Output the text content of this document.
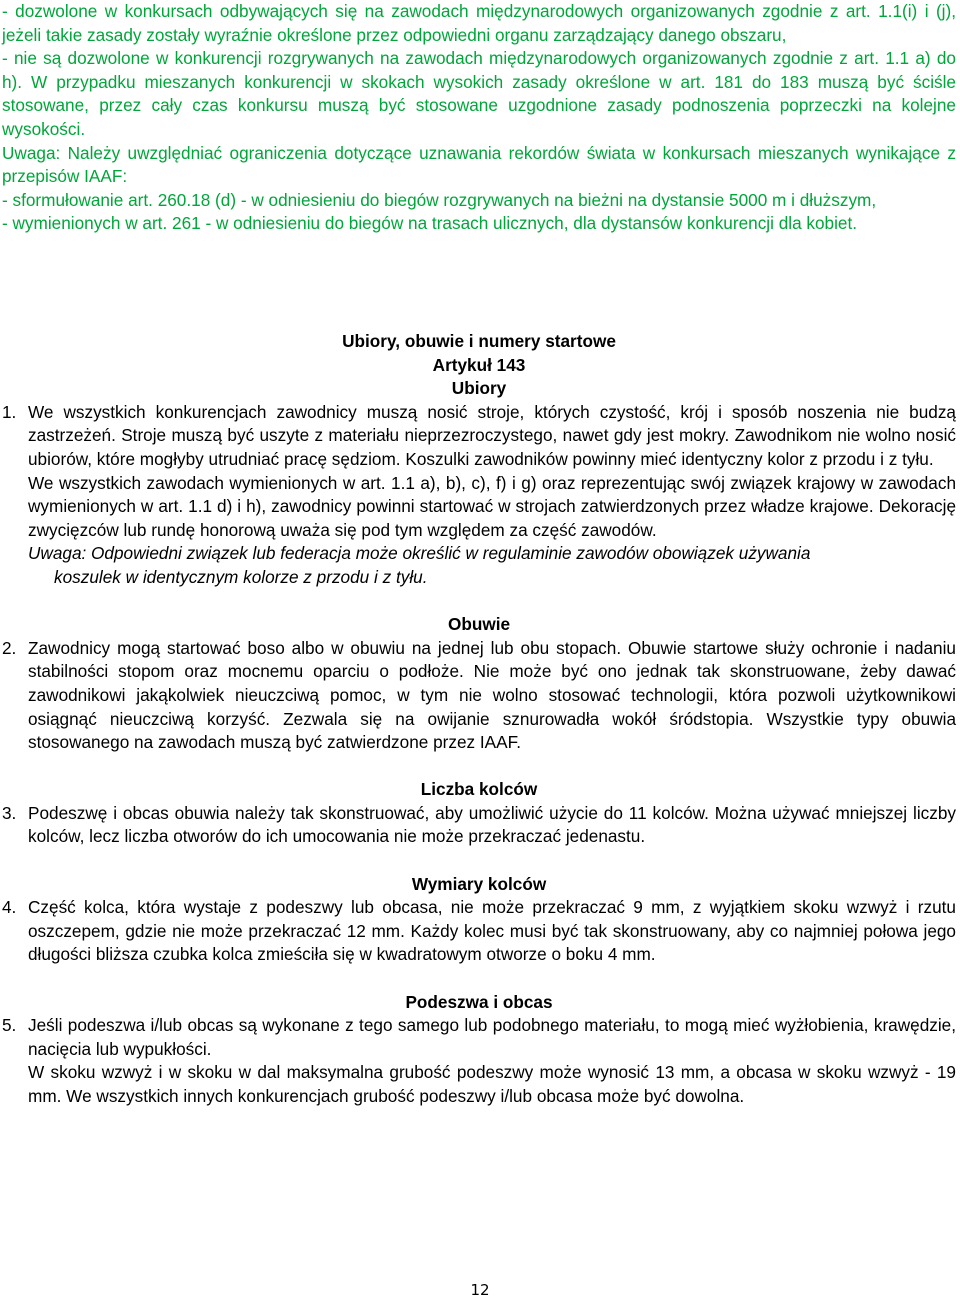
- dozwolone w konkursach odbywających się na zawodach międzynarodowych organizowanych zgodnie z art. 1.1(i) i (j), jeżeli takie zasady zostały wyraźnie określone przez odpowiedni organu zarządzający danego obszaru,

- nie są dozwolone w konkurencji rozgrywanych na zawodach międzynarodowych organizowanych zgodnie z art. 1.1 a) do h). W przypadku mieszanych konkurencji w skokach wysokich zasady określone w art. 181 do 183 muszą być ściśle stosowane, przez cały czas konkursu muszą być stosowane uzgodnione zasady podnoszenia poprzeczki na kolejne wysokości.

Uwaga: Należy uwzględniać ograniczenia dotyczące uznawania rekordów świata w konkursach mieszanych wynikające z przepisów IAAF:

- sformułowanie art. 260.18 (d) - w odniesieniu do biegów rozgrywanych na bieżni na dystansie 5000 m i dłuższym,

- wymienionych w art. 261 - w odniesieniu do biegów na trasach ulicznych, dla dystansów konkurencji dla kobiet.

Ubiory, obuwie i numery startowe
Artykuł 143
Ubiory
1. We wszystkich konkurencjach zawodnicy muszą nosić stroje, których czystość, krój i sposób noszenia nie budzą zastrzeżeń. Stroje muszą być uszyte z materiału nieprzezroczystego, nawet gdy jest mokry. Zawodnikom nie wolno nosić ubiorów, które mogłyby utrudniać pracę sędziom. Koszulki zawodników powinny mieć identyczny kolor z przodu i z tyłu.

We wszystkich zawodach wymienionych w art. 1.1 a), b), c), f) i g) oraz reprezentując swój związek krajowy w zawodach wymienionych w art. 1.1 d) i h), zawodnicy powinni startować w strojach zatwierdzonych przez władze krajowe. Dekorację zwycięzców lub rundę honorową uważa się pod tym względem za część zawodów.

Uwaga: Odpowiedni związek lub federacja może określić w regulaminie zawodów obowiązek używania
koszulek w identycznym kolorze z przodu i z tyłu.
Obuwie
2. Zawodnicy mogą startować boso albo w obuwiu na jednej lub obu stopach. Obuwie startowe służy ochronie i nadaniu stabilności stopom oraz mocnemu oparciu o podłoże. Nie może być ono jednak tak skonstruowane, żeby dawać zawodnikowi jakąkolwiek nieuczciwą pomoc, w tym nie wolno stosować technologii, która pozwoli użytkownikowi osiągnąć nieuczciwą korzyść. Zezwala się na owijanie sznurowadła wokół śródstopia. Wszystkie typy obuwia stosowanego na zawodach muszą być zatwierdzone przez IAAF.

Liczba kolców
3. Podeszwę i obcas obuwia należy tak skonstruować, aby umożliwić użycie do 11 kolców. Można używać mniejszej liczby kolców, lecz liczba otworów do ich umocowania nie może przekraczać jedenastu.

Wymiary kolców
4. Część kolca, która wystaje z podeszwy lub obcasa, nie może przekraczać 9 mm, z wyjątkiem skoku wzwyż i rzutu oszczepem, gdzie nie może przekraczać 12 mm. Każdy kolec musi być tak skonstruowany, aby co najmniej połowa jego długości bliższa czubka kolca zmieściła się w kwadratowym otworze o boku 4 mm.

Podeszwa i obcas
5. Jeśli podeszwa i/lub obcas są wykonane z tego samego lub podobnego materiału, to mogą mieć wyżłobienia, krawędzie, nacięcia lub wypukłości.

W skoku wzwyż i w skoku w dal maksymalna grubość podeszwy może wynosić 13 mm, a obcasa w skoku wzwyż - 19 mm. We wszystkich innych konkurencjach grubość podeszwy i/lub obcasa może być dowolna.

12
